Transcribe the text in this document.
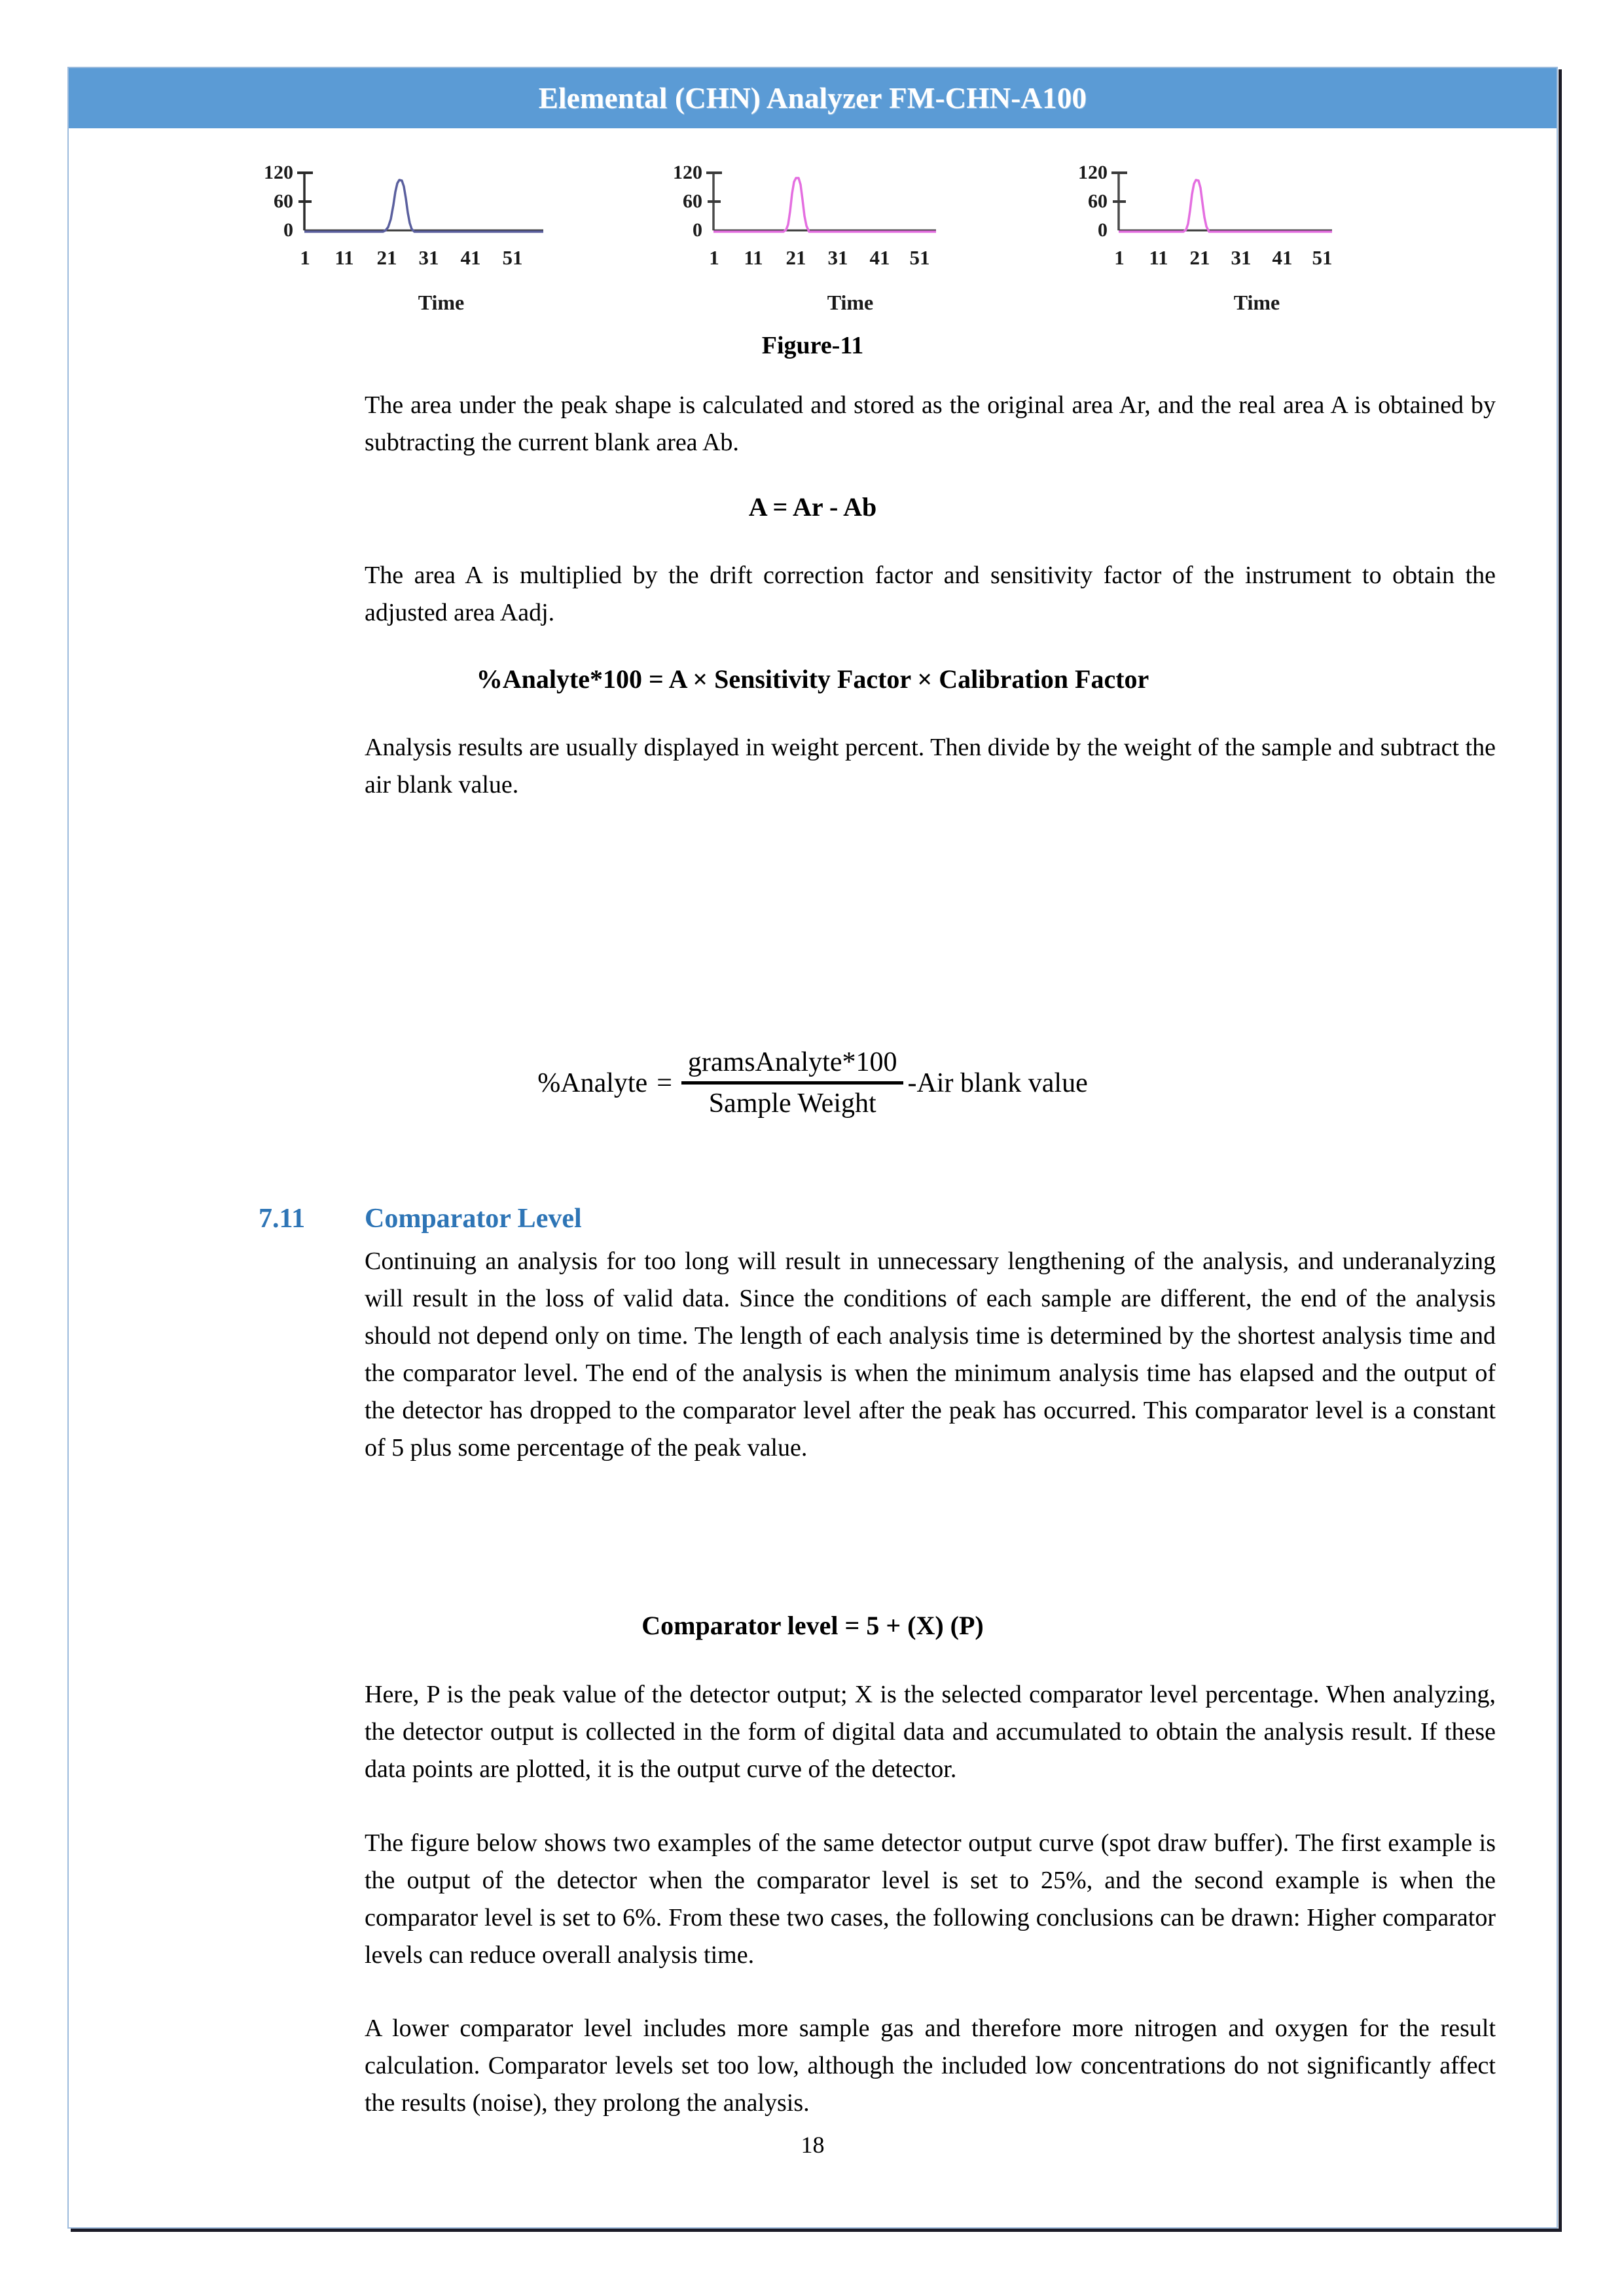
Elemental (CHN) Analyzer FM-CHN-A100
120
60
0
1 11 21 31 41 51
Time
120
60
0
1 11 21 31 41 51
Time
120
60
0
1 11 21 31 41 51
Time
Figure-11
The area under the peak shape is calculated and stored as the original area Ar, and the real area A is obtained by subtracting the current blank area Ab.
A = Ar - Ab
The area A is multiplied by the drift correction factor and sensitivity factor of the instrument to obtain the adjusted area Aadj.
%Analyte*100 = A × Sensitivity Factor × Calibration Factor
Analysis results are usually displayed in weight percent. Then divide by the weight of the sample and subtract the air blank value.
%Analyte =
gramsAnalyte*100
Sample Weight
-Air blank value
7.11	Comparator Level
Continuing an analysis for too long will result in unnecessary lengthening of the analysis, and underanalyzing will result in the loss of valid data. Since the conditions of each sample are different, the end of the analysis should not depend only on time. The length of each analysis time is determined by the shortest analysis time and the comparator level. The end of the analysis is when the minimum analysis time has elapsed and the output of the detector has dropped to the comparator level after the peak has occurred. This comparator level is a constant of 5 plus some percentage of the peak value.
Comparator level = 5 + (X) (P)
Here, P is the peak value of the detector output; X is the selected comparator level percentage. When analyzing, the detector output is collected in the form of digital data and accumulated to obtain the analysis result. If these data points are plotted, it is the output curve of the detector.
The figure below shows two examples of the same detector output curve (spot draw buffer). The first example is the output of the detector when the comparator level is set to 25%, and the second example is when the comparator level is set to 6%. From these two cases, the following conclusions can be drawn: Higher comparator levels can reduce overall analysis time.
A lower comparator level includes more sample gas and therefore more nitrogen and oxygen for the result calculation. Comparator levels set too low, although the included low concentrations do not significantly affect the results (noise), they prolong the analysis.
18
